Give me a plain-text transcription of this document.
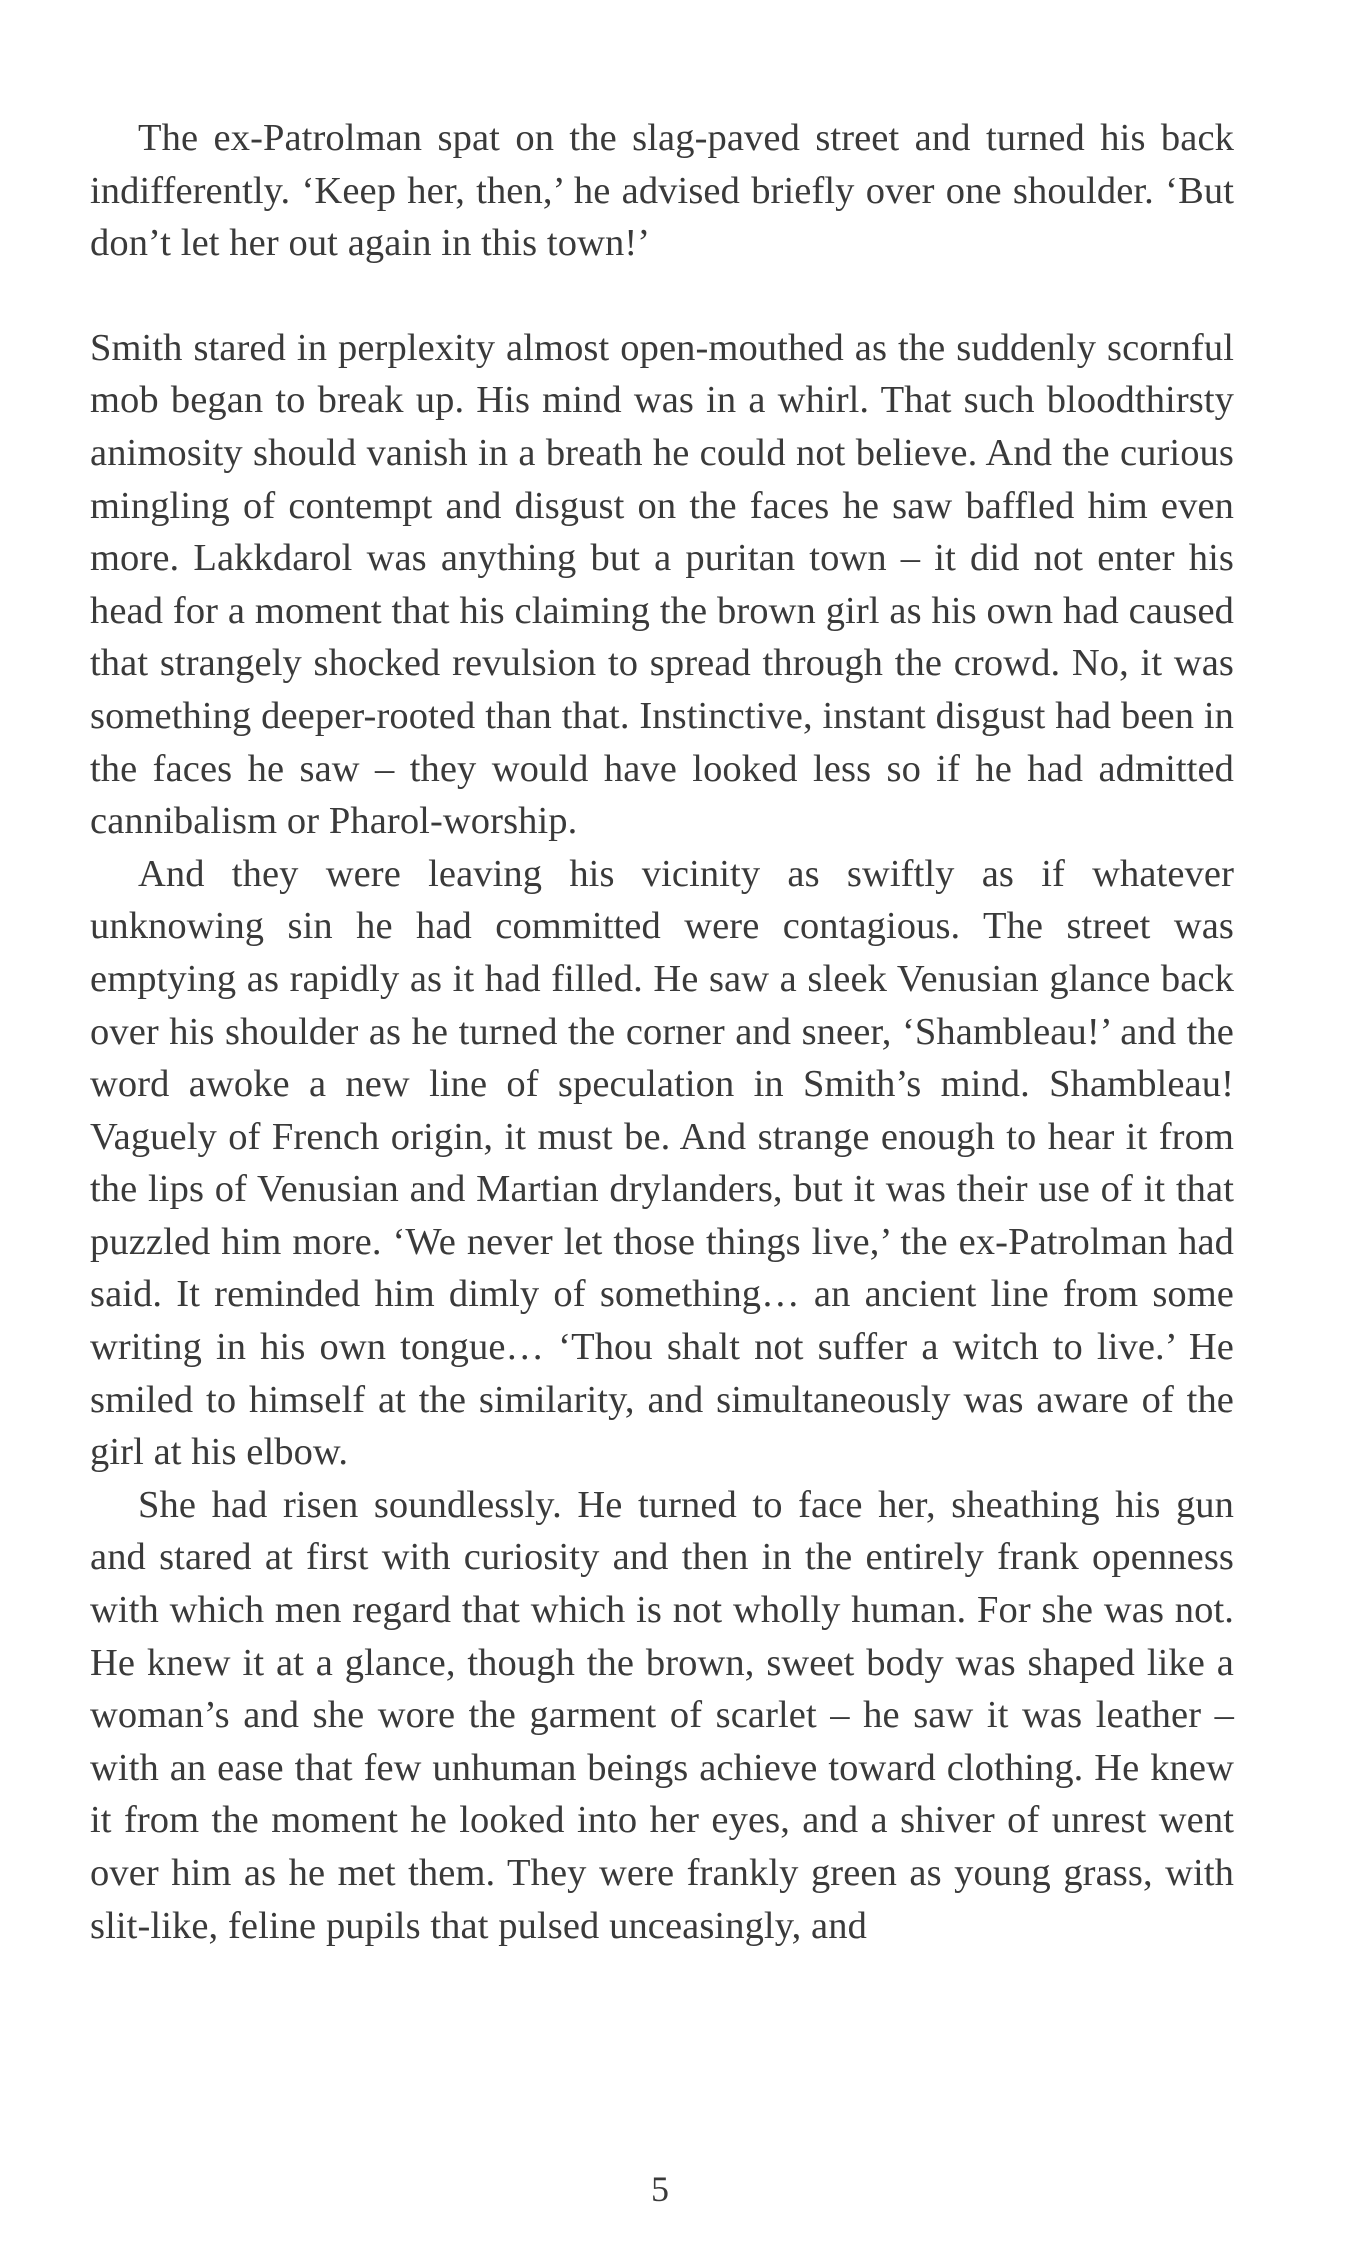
The ex-Patrolman spat on the slag-paved street and turned his back indifferently. ‘Keep her, then,’ he advised briefly over one shoulder. ‘But don’t let her out again in this town!’

Smith stared in perplexity almost open-mouthed as the suddenly scornful mob began to break up. His mind was in a whirl. That such bloodthirsty animosity should vanish in a breath he could not believe. And the curious mingling of contempt and disgust on the faces he saw baffled him even more. Lakkdarol was anything but a puritan town – it did not enter his head for a moment that his claiming the brown girl as his own had caused that strangely shocked revulsion to spread through the crowd. No, it was something deeper-rooted than that. Instinctive, instant disgust had been in the faces he saw – they would have looked less so if he had admitted cannibalism or Pharol-worship.

And they were leaving his vicinity as swiftly as if whatever unknowing sin he had committed were contagious. The street was emptying as rapidly as it had filled. He saw a sleek Venusian glance back over his shoulder as he turned the corner and sneer, ‘Shambleau!’ and the word awoke a new line of speculation in Smith’s mind. Shambleau! Vaguely of French origin, it must be. And strange enough to hear it from the lips of Venusian and Martian drylanders, but it was their use of it that puzzled him more. ‘We never let those things live,’ the ex-Patrolman had said. It reminded him dimly of something… an ancient line from some writing in his own tongue… ‘Thou shalt not suffer a witch to live.’ He smiled to himself at the similarity, and simultaneously was aware of the girl at his elbow.

She had risen soundlessly. He turned to face her, sheathing his gun and stared at first with curiosity and then in the entirely frank openness with which men regard that which is not wholly human. For she was not. He knew it at a glance, though the brown, sweet body was shaped like a woman’s and she wore the garment of scarlet – he saw it was leather – with an ease that few unhuman beings achieve toward clothing. He knew it from the moment he looked into her eyes, and a shiver of unrest went over him as he met them. They were frankly green as young grass, with slit-like, feline pupils that pulsed unceasingly, and

5
